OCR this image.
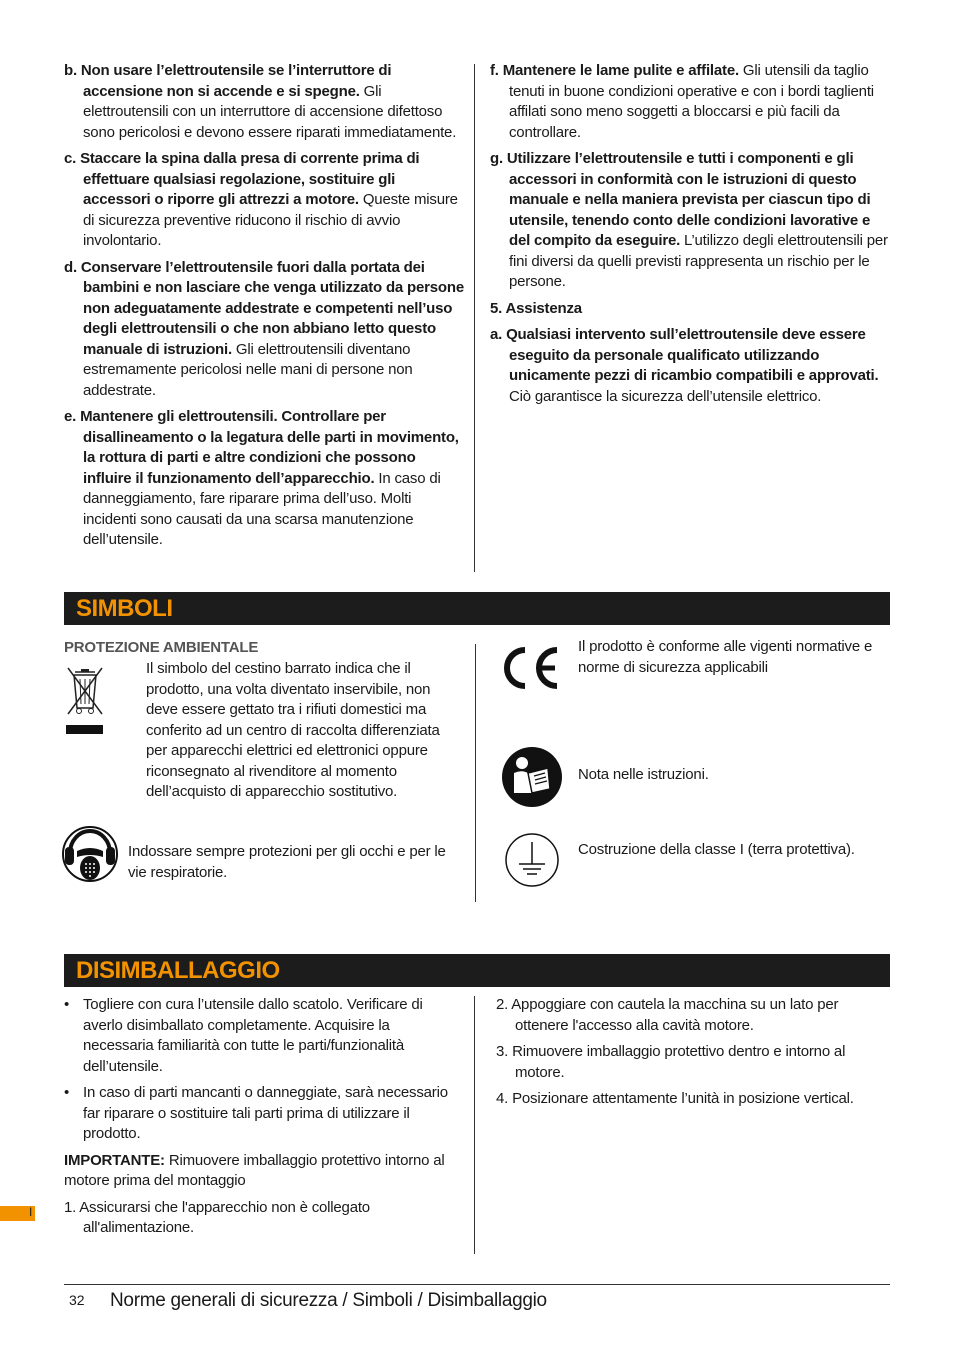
b. Non usare l’elettroutensile se l’interruttore di accensione non si accende e si spegne. Gli elettroutensili con un interruttore di accensione difettoso sono pericolosi e devono essere riparati immediatamente.

c. Staccare la spina dalla presa di corrente prima di effettuare qualsiasi regolazione, sostituire gli accessori o riporre gli attrezzi a motore. Queste misure di sicurezza preventive riducono il rischio di avvio involontario.

d. Conservare l’elettroutensile fuori dalla portata dei bambini e non lasciare che venga utilizzato da persone non adeguatamente addestrate e competenti nell’uso degli elettroutensili o che non abbiano letto questo manuale di istruzioni. Gli elettroutensili diventano estremamente pericolosi nelle mani di persone non addestrate.

e. Mantenere gli elettroutensili. Controllare per disallineamento o la legatura delle parti in movimento, la rottura di parti e altre condizioni che possono influire il funzionamento dell’apparecchio. In caso di danneggiamento, fare riparare prima dell’uso. Molti incidenti sono causati da una scarsa manutenzione dell’utensile.

f. Mantenere le lame pulite e affilate. Gli utensili da taglio tenuti in buone condizioni operative e con i bordi taglienti affilati sono meno soggetti a bloccarsi e più facili da controllare.

g. Utilizzare l’elettroutensile e tutti i componenti e gli accessori in conformità con le istruzioni di questo manuale e nella maniera prevista per ciascun tipo di utensile, tenendo conto delle condizioni lavorative e del compito da eseguire. L’utilizzo degli elettroutensili per fini diversi da quelli previsti rappresenta un rischio per le persone.

5. Assistenza

a. Qualsiasi intervento sull’elettroutensile deve essere eseguito da personale qualificato utilizzando unicamente pezzi di ricambio compatibili e approvati. Ciò garantisce la sicurezza dell’utensile elettrico.

SIMBOLI
PROTEZIONE AMBIENTALE
Il simbolo del cestino barrato indica che il prodotto, una volta diventato inservibile, non deve essere gettato tra i rifiuti domestici ma conferito ad un centro di raccolta differenziata per apparecchi elettrici ed elettronici oppure riconsegnato al rivenditore al momento dell’acquisto di apparecchio sostitutivo.
Indossare sempre protezioni per gli occhi e per le vie respiratorie.
Il prodotto è conforme alle vigenti normative e norme di sicurezza applicabili
Nota nelle istruzioni.
Costruzione della classe I (terra protettiva).
DISIMBALLAGGIO

• Togliere con cura l’utensile dallo scatolo. Verificare di averlo disimballato completamente. Acquisire la necessaria familiarità con tutte le parti/funzionalità dell’utensile.

• In caso di parti mancanti o danneggiate, sarà necessario far riparare o sostituire tali parti prima di utilizzare il prodotto.

IMPORTANTE: Rimuovere imballaggio protettivo intorno al motore prima del montaggio

1. Assicurarsi che l'apparecchio non è collegato all'alimentazione.

2. Appoggiare con cautela la macchina su un lato per ottenere l'accesso alla cavità motore.

3. Rimuovere imballaggio protettivo dentro e intorno al motore.

4. Posizionare attentamente l’unità in posizione vertical.

I
32 Norme generali di sicurezza / Simboli / Disimballaggio
